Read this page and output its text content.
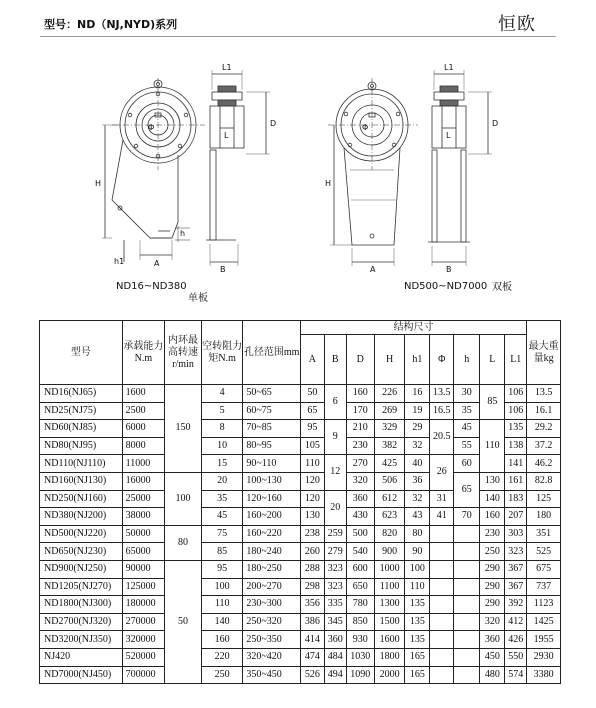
型号：ND（NJ,NYD)系列	恒欧
Φ
L1
L
D
H
h
h1	A
B
Φ
L1
L
D
H
A	B
ND16~ND380
单板
ND500~ND7000 双板
型号	承载能力N.m	内环最高转速r/min	空转阻力矩N.m	孔径范围mm	结构尺寸									最大重量kg
					A	B	D	H	h1	Φ	h	L	L1	
ND16(NJ65)	1600	150	4	50~65	50	6	160	226	16	13.5	30	85	106	13.5
ND25(NJ75)	2500		5	60~75	65		170	269	19	16.5	35		106	16.1
ND60(NJ85)	6000		8	70~85	95	9	210	329	29	20.5	45	110	135	29.2
ND80(NJ95)	8000		10	80~95	105		230	382	32		55		138	37.2
ND110(NJ110)	11000		15	90~110	110	12	270	425	40	26	60		141	46.2
ND160(NJ130)	16000	100	20	100~130	120		320	506	36		65	130	161	82.8
ND250(NJ160)	25000		35	120~160	120	20	360	612	32	31		140	183	125
ND380(NJ200)	38000		45	160~200	130		430	623	43	41	70	160	207	180
ND500(NJ220)	50000	80	75	160~220	238	259	500	820	80			230	303	351
ND650(NJ230)	65000		85	180~240	260	279	540	900	90			250	323	525
ND900(NJ250)	90000	50	95	180~250	288	323	600	1000	100			290	367	675
ND1205(NJ270)	125000		100	200~270	298	323	650	1100	110			290	367	737
ND1800(NJ300)	180000		110	230~300	356	335	780	1300	135			290	392	1123
ND2700(NJ320)	270000		140	250~320	386	345	850	1500	135			320	412	1425
ND3200(NJ350)	320000		160	250~350	414	360	930	1600	135			360	426	1955
NJ420	520000		220	320~420	474	484	1030	1800	165			450	550	2930
ND7000(NJ450)	700000		250	350~450	526	494	1090	2000	165			480	574	3380
